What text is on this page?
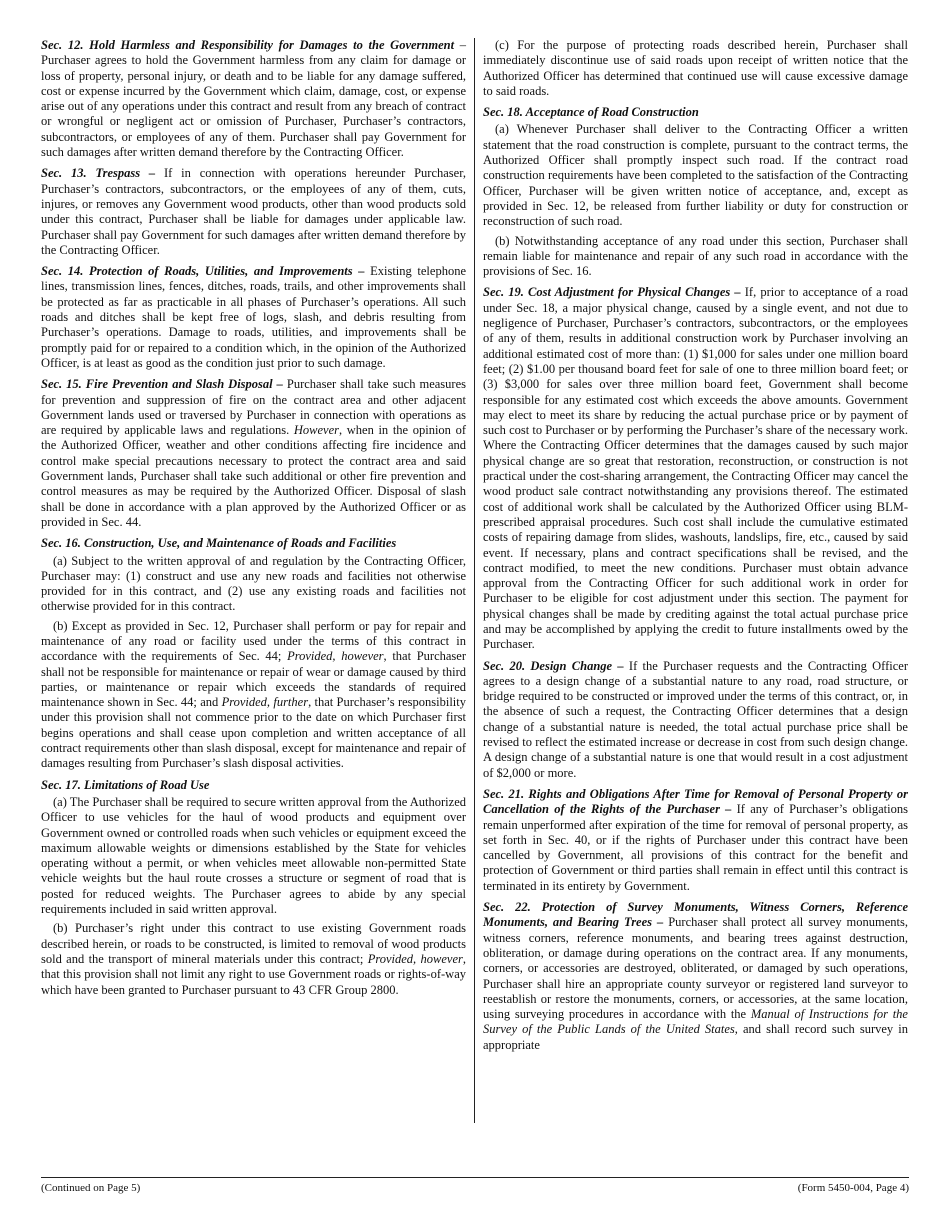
Sec. 12. Hold Harmless and Responsibility for Damages to the Government – Purchaser agrees to hold the Government harmless from any claim for damage or loss of property, personal injury, or death and to be liable for any damage suffered, cost or expense incurred by the Government which claim, damage, cost, or expense arise out of any operations under this contract and result from any breach of contract or wrongful or negligent act or omission of Purchaser, Purchaser’s contractors, subcontractors, or employees of any of them. Purchaser shall pay Government for such damages after written demand therefore by the Contracting Officer.

Sec. 13. Trespass – If in connection with operations hereunder Purchaser, Purchaser’s contractors, subcontractors, or the employees of any of them, cuts, injures, or removes any Government wood products, other than wood products sold under this contract, Purchaser shall be liable for damages under applicable law. Purchaser shall pay Government for such damages after written demand therefore by the Contracting Officer.

Sec. 14. Protection of Roads, Utilities, and Improvements – Existing telephone lines, transmission lines, fences, ditches, roads, trails, and other improvements shall be protected as far as practicable in all phases of Purchaser’s operations. All such roads and ditches shall be kept free of logs, slash, and debris resulting from Purchaser’s operations. Damage to roads, utilities, and improvements shall be promptly paid for or repaired to a condition which, in the opinion of the Authorized Officer, is at least as good as the condition just prior to such damage.

Sec. 15. Fire Prevention and Slash Disposal – Purchaser shall take such measures for prevention and suppression of fire on the contract area and other adjacent Government lands used or traversed by Purchaser in connection with operations as are required by applicable laws and regulations. However, when in the opinion of the Authorized Officer, weather and other conditions affecting fire incidence and control make special precautions necessary to protect the contract area and said Government lands, Purchaser shall take such additional or other fire prevention and control measures as may be required by the Authorized Officer. Disposal of slash shall be done in accordance with a plan approved by the Authorized Officer or as provided in Sec. 44.

Sec. 16. Construction, Use, and Maintenance of Roads and Facilities

(a) Subject to the written approval of and regulation by the Contracting Officer, Purchaser may: (1) construct and use any new roads and facilities not otherwise provided for in this contract, and (2) use any existing roads and facilities not otherwise provided for in this contract.

(b) Except as provided in Sec. 12, Purchaser shall perform or pay for repair and maintenance of any road or facility used under the terms of this contract in accordance with the requirements of Sec. 44; Provided, however, that Purchaser shall not be responsible for maintenance or repair of wear or damage caused by third parties, or maintenance or repair which exceeds the standards of required maintenance shown in Sec. 44; and Provided, further, that Purchaser’s responsibility under this provision shall not commence prior to the date on which Purchaser first begins operations and shall cease upon completion and written acceptance of all contract requirements other than slash disposal, except for maintenance and repair of damages resulting from Purchaser’s slash disposal activities.

Sec. 17. Limitations of Road Use

(a) The Purchaser shall be required to secure written approval from the Authorized Officer to use vehicles for the haul of wood products and equipment over Government owned or controlled roads when such vehicles or equipment exceed the maximum allowable weights or dimensions established by the State for vehicles operating without a permit, or when vehicles meet allowable non-permitted State vehicle weights but the haul route crosses a structure or segment of road that is posted for reduced weights. The Purchaser agrees to abide by any special requirements included in said written approval.

(b) Purchaser’s right under this contract to use existing Government roads described herein, or roads to be constructed, is limited to removal of wood products sold and the transport of mineral materials under this contract; Provided, however, that this provision shall not limit any right to use Government roads or rights-of-way which have been granted to Purchaser pursuant to 43 CFR Group 2800.

(c) For the purpose of protecting roads described herein, Purchaser shall immediately discontinue use of said roads upon receipt of written notice that the Authorized Officer has determined that continued use will cause excessive damage to said roads.

Sec. 18. Acceptance of Road Construction

(a) Whenever Purchaser shall deliver to the Contracting Officer a written statement that the road construction is complete, pursuant to the contract terms, the Authorized Officer shall promptly inspect such road. If the contract road construction requirements have been completed to the satisfaction of the Contracting Officer, Purchaser will be given written notice of acceptance, and, except as provided in Sec. 12, be released from further liability or duty for construction or reconstruction of such road.

(b) Notwithstanding acceptance of any road under this section, Purchaser shall remain liable for maintenance and repair of any such road in accordance with the provisions of Sec. 16.

Sec. 19. Cost Adjustment for Physical Changes – If, prior to acceptance of a road under Sec. 18, a major physical change, caused by a single event, and not due to negligence of Purchaser, Purchaser’s contractors, subcontractors, or the employees of any of them, results in additional construction work by Purchaser involving an additional estimated cost of more than: (1) $1,000 for sales under one million board feet; (2) $1.00 per thousand board feet for sale of one to three million board feet; or (3) $3,000 for sales over three million board feet, Government shall become responsible for any estimated cost which exceeds the above amounts. Government may elect to meet its share by reducing the actual purchase price or by payment of such cost to Purchaser or by performing the Purchaser’s share of the necessary work. Where the Contracting Officer determines that the damages caused by such major physical change are so great that restoration, reconstruction, or construction is not practical under the cost-sharing arrangement, the Contracting Officer may cancel the wood product sale contract notwithstanding any provisions thereof. The estimated cost of additional work shall be calculated by the Authorized Officer using BLM-prescribed appraisal procedures. Such cost shall include the cumulative estimated costs of repairing damage from slides, washouts, landslips, fire, etc., caused by said event. If necessary, plans and contract specifications shall be revised, and the contract modified, to meet the new conditions. Purchaser must obtain advance approval from the Contracting Officer for such additional work in order for Purchaser to be eligible for cost adjustment under this section. The payment for physical changes shall be made by crediting against the total actual purchase price and may be accomplished by applying the credit to future installments owed by the Purchaser.

Sec. 20. Design Change – If the Purchaser requests and the Contracting Officer agrees to a design change of a substantial nature to any road, road structure, or bridge required to be constructed or improved under the terms of this contract, or, in the absence of such a request, the Contracting Officer determines that a design change of a substantial nature is needed, the total actual purchase price shall be revised to reflect the estimated increase or decrease in cost from such design change. A design change of a substantial nature is one that would result in a cost adjustment of $2,000 or more.

Sec. 21. Rights and Obligations After Time for Removal of Personal Property or Cancellation of the Rights of the Purchaser – If any of Purchaser’s obligations remain unperformed after expiration of the time for removal of personal property, as set forth in Sec. 40, or if the rights of Purchaser under this contract have been cancelled by Government, all provisions of this contract for the benefit and protection of Government or third parties shall remain in effect until this contract is terminated in its entirety by Government.

Sec. 22. Protection of Survey Monuments, Witness Corners, Reference Monuments, and Bearing Trees – Purchaser shall protect all survey monuments, witness corners, reference monuments, and bearing trees against destruction, obliteration, or damage during operations on the contract area. If any monuments, corners, or accessories are destroyed, obliterated, or damaged by such operations, Purchaser shall hire an appropriate county surveyor or registered land surveyor to reestablish or restore the monuments, corners, or accessories, at the same location, using surveying procedures in accordance with the Manual of Instructions for the Survey of the Public Lands of the United States, and shall record such survey in appropriate

(Continued on Page 5)	(Form 5450-004, Page 4)
